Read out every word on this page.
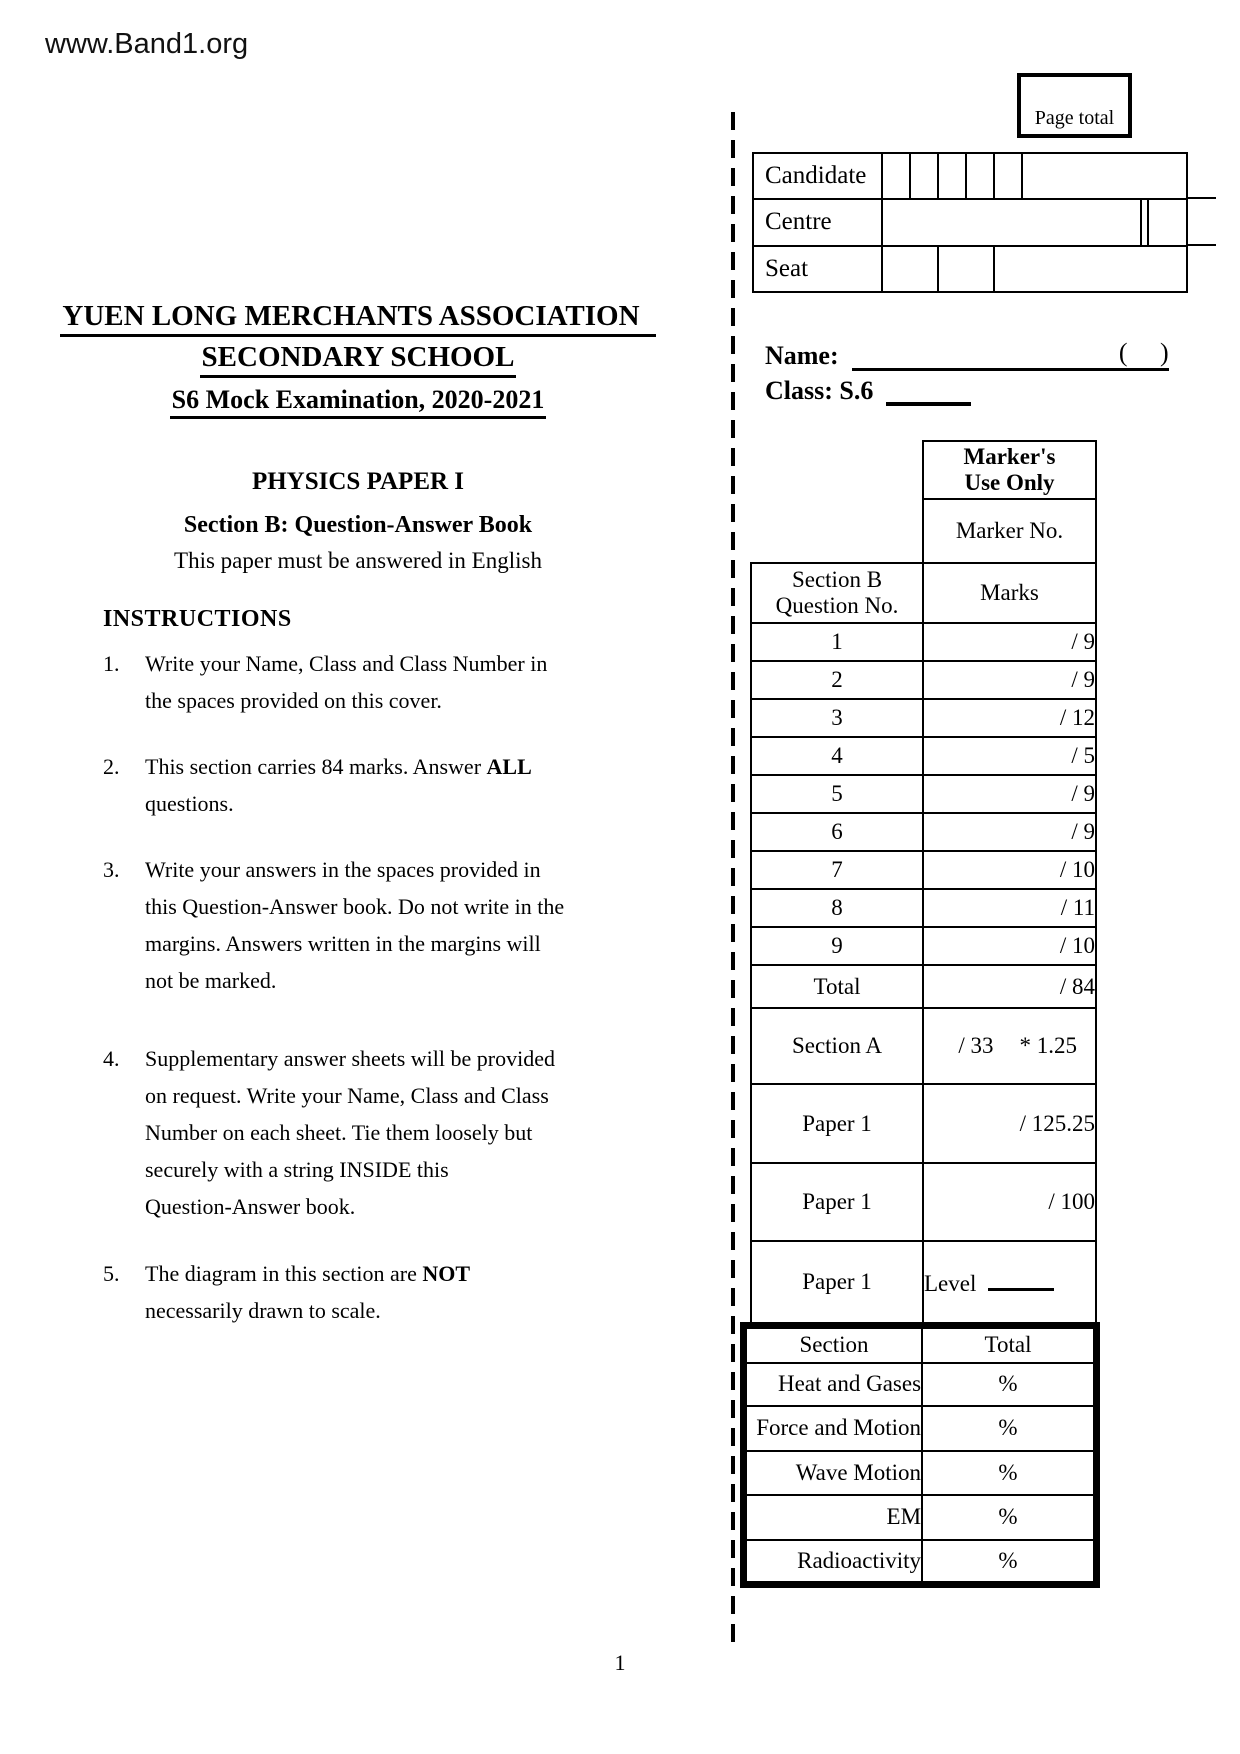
www.Band1.org
Page total
Candidate
Centre
Seat
Name:	(     )
Class: S.6
YUEN LONG MERCHANTS ASSOCIATION
SECONDARY SCHOOL
S6 Mock Examination, 2020-2021
PHYSICS PAPER I
Section B: Question-Answer Book
This paper must be answered in English
INSTRUCTIONS
1.	Write your Name, Class and Class Number in
the spaces provided on this cover.
2.	This section carries 84 marks. Answer ALL
questions.
3.	Write your answers in the spaces provided in
this Question-Answer book. Do not write in the
margins. Answers written in the margins will
not be marked.
4.	Supplementary answer sheets will be provided
on request. Write your Name, Class and Class
Number on each sheet. Tie them loosely but
securely with a string INSIDE this
Question-Answer book.
5.	The diagram in this section are NOT
necessarily drawn to scale.

	Marker's
Use Only

	Marker No.

Section B
Question No.	Marks
1	/ 9
2	/ 9
3	/ 12
4	/ 5
5	/ 9
6	/ 9
7	/ 10
8	/ 11
9	/ 10
Total	/ 84
Section A	/ 33 * 1.25

Paper 1	/ 125.25
Paper 1	/ 100
Paper 1	Level
Section	Total
Heat and Gases	%
Force and Motion	%
Wave Motion	%
EM	%
Radioactivity	%
1
